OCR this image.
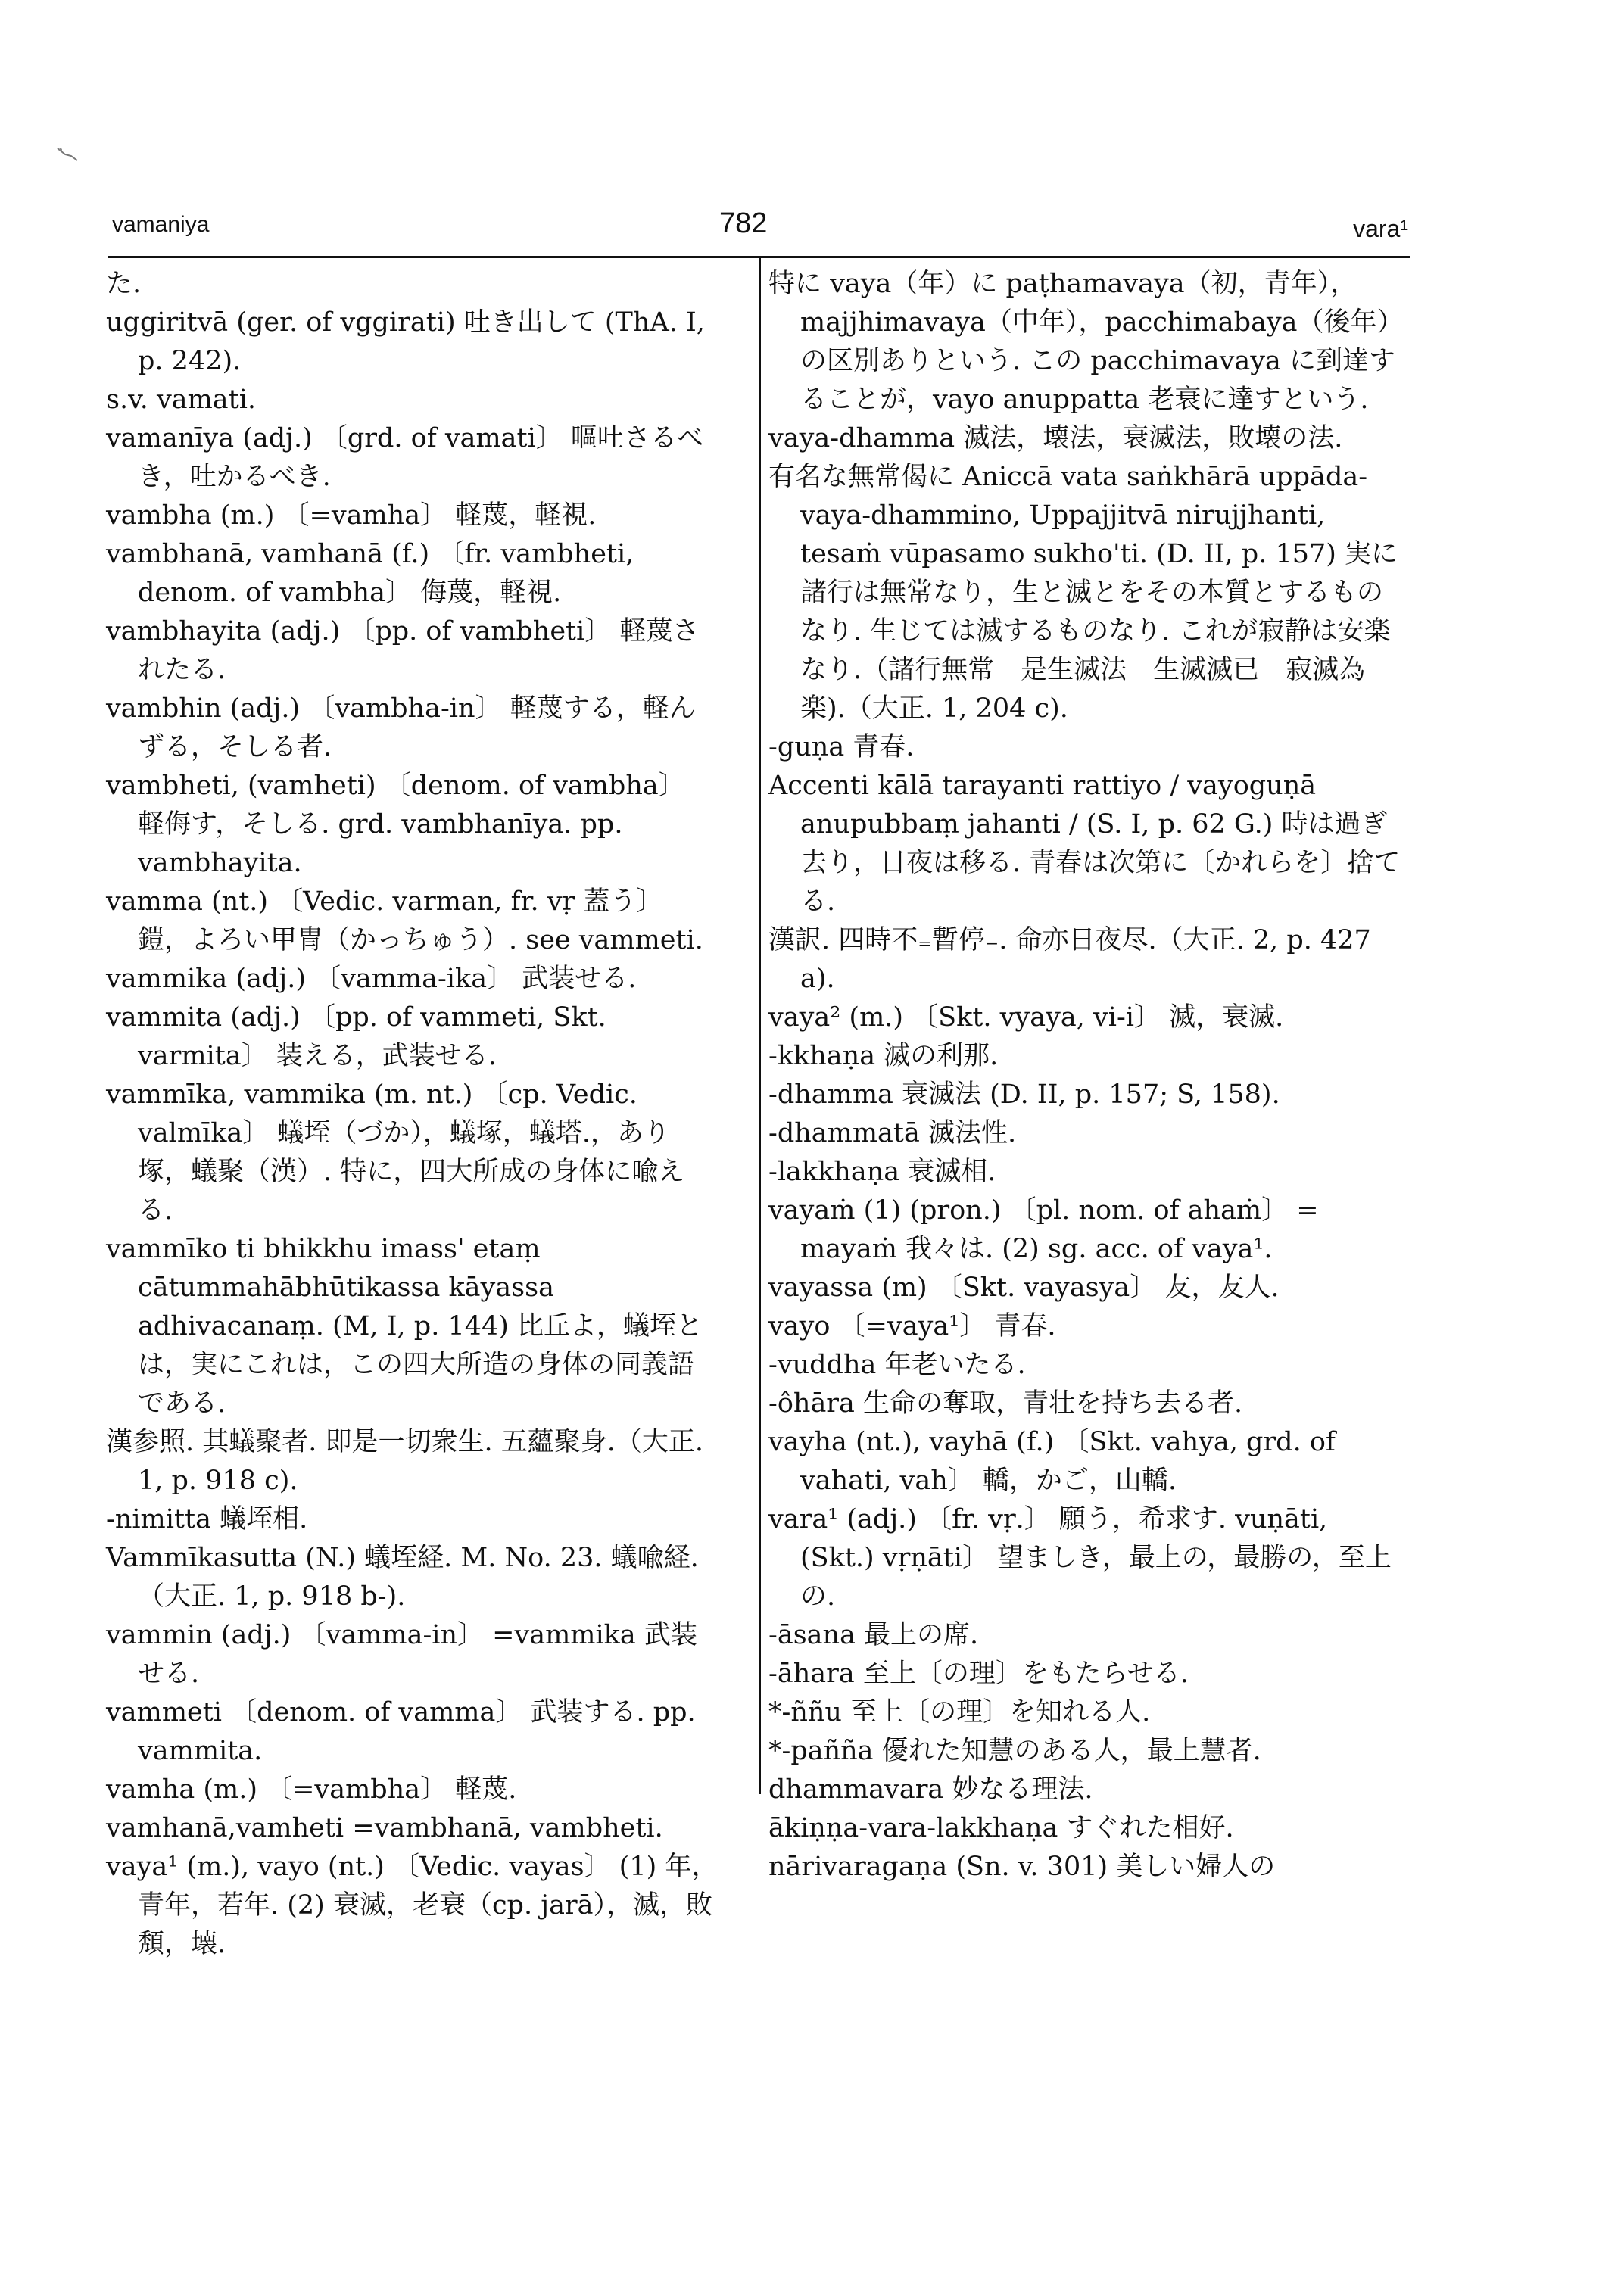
vamaniya	782	vara¹

た.

uggiritvā (ger. of vggirati) 吐き出して (ThA. I, p. 242).

s.v. vamati.

vamanīya (adj.) 〔grd. of vamati〕 嘔吐さるべき，吐かるべき.

vambha (m.) 〔=vamha〕 軽蔑，軽視.

vambhanā, vamhanā (f.) 〔fr. vambheti, denom. of vambha〕 侮蔑，軽視.

vambhayita (adj.) 〔pp. of vambheti〕 軽蔑されたる.

vambhin (adj.) 〔vambha-in〕 軽蔑する，軽んずる，そしる者.

vambheti, (vamheti) 〔denom. of vambha〕 軽侮す，そしる. grd. vambhanīya. pp. vambhayita.

vamma (nt.) 〔Vedic. varman, fr. vṛ 蓋う〕 鎧，よろい甲冑（かっちゅう）. see vammeti.

vammika (adj.) 〔vamma-ika〕 武装せる.

vammita (adj.) 〔pp. of vammeti, Skt. varmita〕 装える，武装せる.

vammīka, vammika (m. nt.) 〔cp. Vedic. valmīka〕 蟻垤（づか），蟻塚，蟻塔.，あり塚，蟻聚（漢）. 特に，四大所成の身体に喩える.

vammīko ti bhikkhu imass' etaṃ cātummahābhūtikassa kāyassa adhivacanaṃ. (M, I, p. 144) 比丘よ，蟻垤とは，実にこれは，この四大所造の身体の同義語である.

漢参照. 其蟻聚者. 即是一切衆生. 五蘊聚身.（大正. 1, p. 918 c).

-nimitta 蟻垤相.

Vammīkasutta (N.) 蟻垤経. M. No. 23. 蟻喩経.（大正. 1, p. 918 b-).

vammin (adj.) 〔vamma-in〕 =vammika 武装せる.

vammeti 〔denom. of vamma〕 武装する. pp. vammita.

vamha (m.) 〔=vambha〕 軽蔑.

vamhanā,vamheti =vambhanā, vambheti.

vaya¹ (m.), vayo (nt.) 〔Vedic. vayas〕 (1) 年，青年，若年. (2) 衰滅，老衰（cp. jarā），滅，敗頽，壊.

特に vaya（年）に paṭhamavaya（初，青年），majjhimavaya（中年），pacchimabaya（後年）の区別ありという. この pacchimavaya に到達することが，vayo anuppatta 老衰に達すという.

vaya-dhamma 滅法，壊法，衰滅法，敗壊の法.

有名な無常偈に Aniccā vata saṅkhārā uppāda-vaya-dhammino, Uppajjitvā nirujjhanti, tesaṁ vūpasamo sukho'ti. (D. II, p. 157) 実に諸行は無常なり，生と滅とをその本質とするものなり. 生じては滅するものなり. これが寂静は安楽なり.（諸行無常　是生滅法　生滅滅已　寂滅為楽).（大正. 1, 204 c).

-guṇa 青春.

Accenti kālā tarayanti rattiyo / vayoguṇā anupubbaṃ jahanti / (S. I, p. 62 G.) 時は過ぎ去り，日夜は移る. 青春は次第に〔かれらを〕捨てる.

漢訳. 四時不₌暫停₋. 命亦日夜尽.（大正. 2, p. 427 a).

vaya² (m.) 〔Skt. vyaya, vi-i〕 滅，衰滅.

-kkhaṇa 滅の利那.

-dhamma 衰滅法 (D. II, p. 157; S, 158).

-dhammatā 滅法性.

-lakkhaṇa 衰滅相.

vayaṁ (1) (pron.) 〔pl. nom. of ahaṁ〕 = mayaṁ 我々は. (2) sg. acc. of vaya¹.

vayassa (m) 〔Skt. vayasya〕 友，友人.

vayo 〔=vaya¹〕 青春.

-vuddha 年老いたる.

-ôhāra 生命の奪取，青壮を持ち去る者.

vayha (nt.), vayhā (f.) 〔Skt. vahya, grd. of vahati, vah〕 轎，かご，山轎.

vara¹ (adj.) 〔fr. vṛ.〕 願う，希求す. vuṇāti, (Skt.) vṛṇāti〕 望ましき，最上の，最勝の，至上の.

-āsana 最上の席.

-āhara 至上〔の理〕をもたらせる.

*-ññu 至上〔の理〕を知れる人.

*-pañña 優れた知慧のある人，最上慧者.

dhammavara 妙なる理法.

ākiṇṇa-vara-lakkhaṇa すぐれた相好.

nārivaragaṇa (Sn. v. 301) 美しい婦人の
